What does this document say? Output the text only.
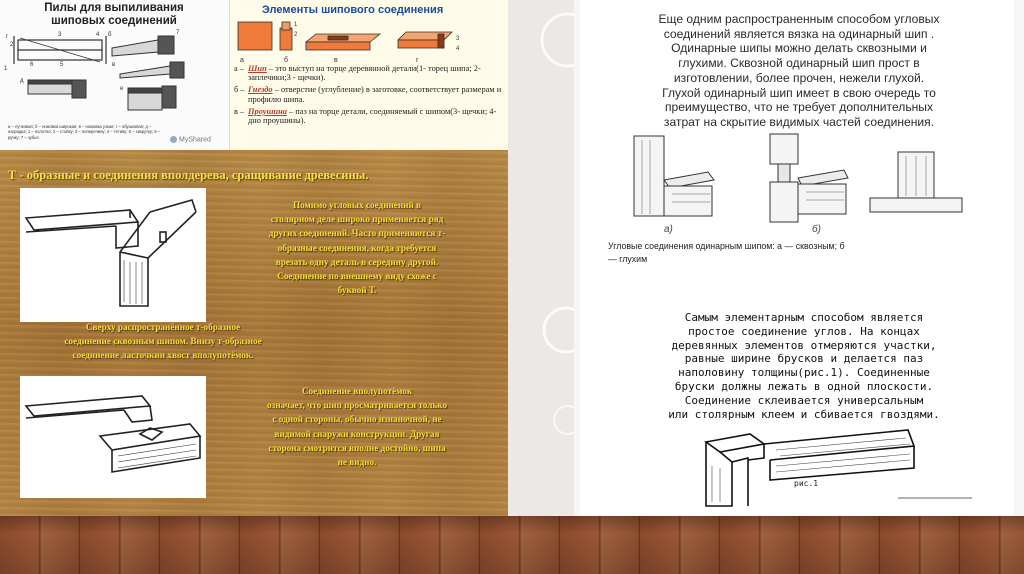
Пилы для выпиливания
шиповых соединений
г	б
в
д
е
1
2
3	4
5
6
7
а – лучковая; б – ножовка широкая; в – ножовка узкая; г – обушковая; д – наградка; 1 – полотно; 2 – стойку; 3 – поперечину; 4 – тетиву; 5 – закрутку; 6 – ручку; 7 – зубья	MyShared
Элементы шипового соединения
а	б	в	г
1
2
3
4
а – Шип – это выступ на торце деревянной детали(1- торец шипа; 2- заплечики;3 - щечки).
б – Гнездо – отверстие (углубление) в заготовке, соответствует размерам и профилю шипа.
в – Проушина – паз на торце детали, соединяемый с шипом(3- щечки; 4- дно проушины).
Т - образные и соединения вполдерева, сращивание древесины.
Помимо угловых соединений в
столярном деле широко применяется ряд
других соединений. Часто применяются т-
образные соединения, когда требуется
врезать одну деталь в середину другой.
Соединение по внешнему виду схоже с
буквой Т.
Сверху распространённое т-образное
соединение сквозным шипом. Внизу т-образное
соединение ласточкин хвост вполупотёмок.
Соединение вполупотёмок
означает, что шип просматривается только
с одной стороны, обычно изнаночной, не
видимой снаружи конструкции. Другая
сторона смотрится вполне достойно, шипа
не видно.
Еще одним распространенным способом угловых
соединений является вязка на одинарный шип .
Одинарные шипы можно делать сквозными и
глухими. Сквозной одинарный шип прост в
изготовлении, более прочен, нежели глухой.
Глухой одинарный шип имеет в свою очередь то
преимущество, что не требует дополнительных
затрат на скрытие видимых частей соединения.
а)	б)
Угловые соединения одинарным шипом: а — сквозным; б
— глухим
Самым элементарным способом является
простое соединение углов. На концах
деревянных элементов отмеряются участки,
равные ширине брусков и делается паз
наполовину толщины(рис.1). Соединенные
бруски должны лежать в одной плоскости.
Соединение склеивается универсальным
или столярным клеем и сбивается гвоздями.
рис.1
